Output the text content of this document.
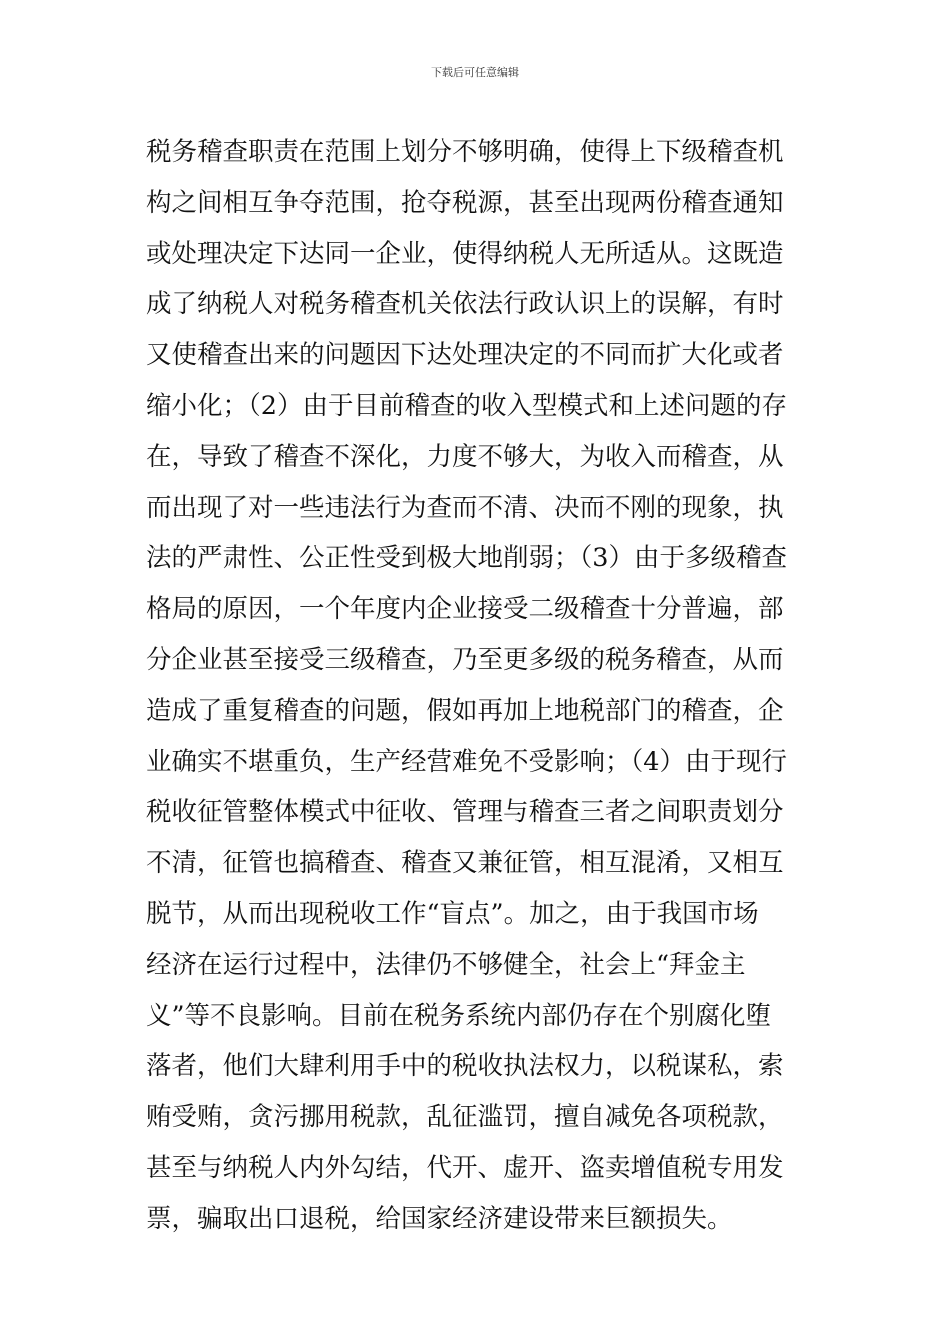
下载后可任意编辑
税务稽查职责在范围上划分不够明确，使得上下级稽查机
构之间相互争夺范围，抢夺税源，甚至出现两份稽查通知
或处理决定下达同一企业，使得纳税人无所适从。这既造
成了纳税人对税务稽查机关依法行政认识上的误解，有时
又使稽查出来的问题因下达处理决定的不同而扩大化或者
缩小化；（2）由于目前稽查的收入型模式和上述问题的存
在，导致了稽查不深化，力度不够大，为收入而稽查，从
而出现了对一些违法行为查而不清、决而不刚的现象，执
法的严肃性、公正性受到极大地削弱；（3）由于多级稽查
格局的原因，一个年度内企业接受二级稽查十分普遍，部
分企业甚至接受三级稽查，乃至更多级的税务稽查，从而
造成了重复稽查的问题，假如再加上地税部门的稽查，企
业确实不堪重负，生产经营难免不受影响；（4）由于现行
税收征管整体模式中征收、管理与稽查三者之间职责划分
不清，征管也搞稽查、稽查又兼征管，相互混淆，又相互
脱节，从而出现税收工作“盲点”。加之，由于我国市场
经济在运行过程中，法律仍不够健全，社会上“拜金主
义”等不良影响。目前在税务系统内部仍存在个别腐化堕
落者，他们大肆利用手中的税收执法权力，以税谋私，索
贿受贿，贪污挪用税款，乱征滥罚，擅自减免各项税款，
甚至与纳税人内外勾结，代开、虚开、盗卖增值税专用发
票，骗取出口退税，给国家经济建设带来巨额损失。
